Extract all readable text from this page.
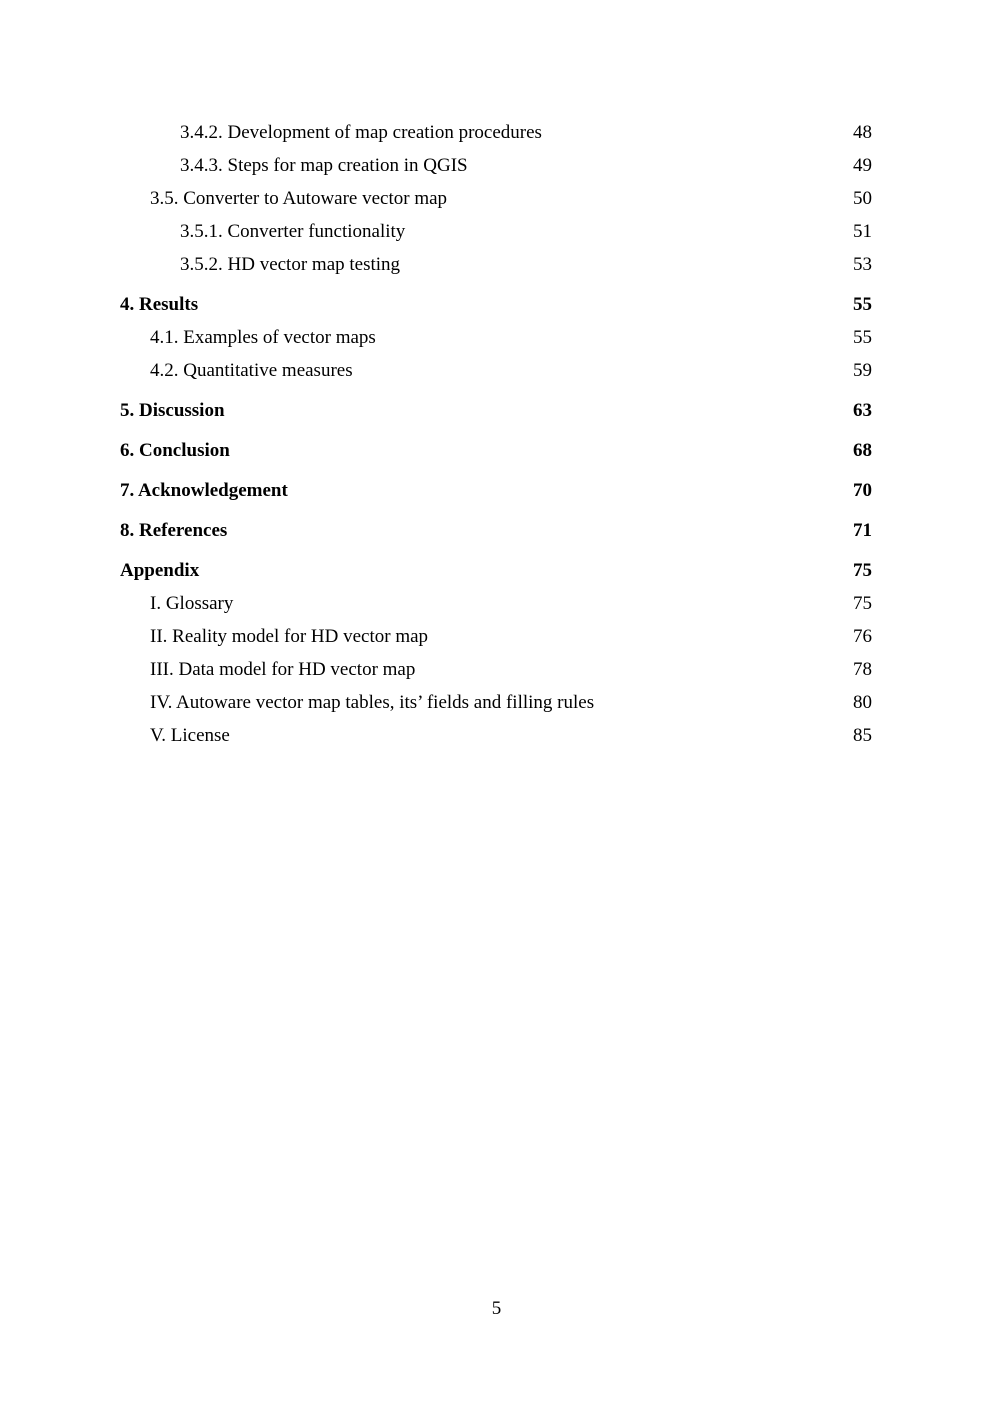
3.4.2. Development of map creation procedures	48
3.4.3. Steps for map creation in QGIS	49
3.5. Converter to Autoware vector map	50
3.5.1. Converter functionality	51
3.5.2. HD vector map testing	53
4. Results	55
4.1. Examples of vector maps	55
4.2. Quantitative measures	59
5. Discussion	63
6. Conclusion	68
7. Acknowledgement	70
8. References	71
Appendix	75
I. Glossary	75
II. Reality model for HD vector map	76
III. Data model for HD vector map	78
IV. Autoware vector map tables, its’ fields and filling rules	80
V. License	85
5
